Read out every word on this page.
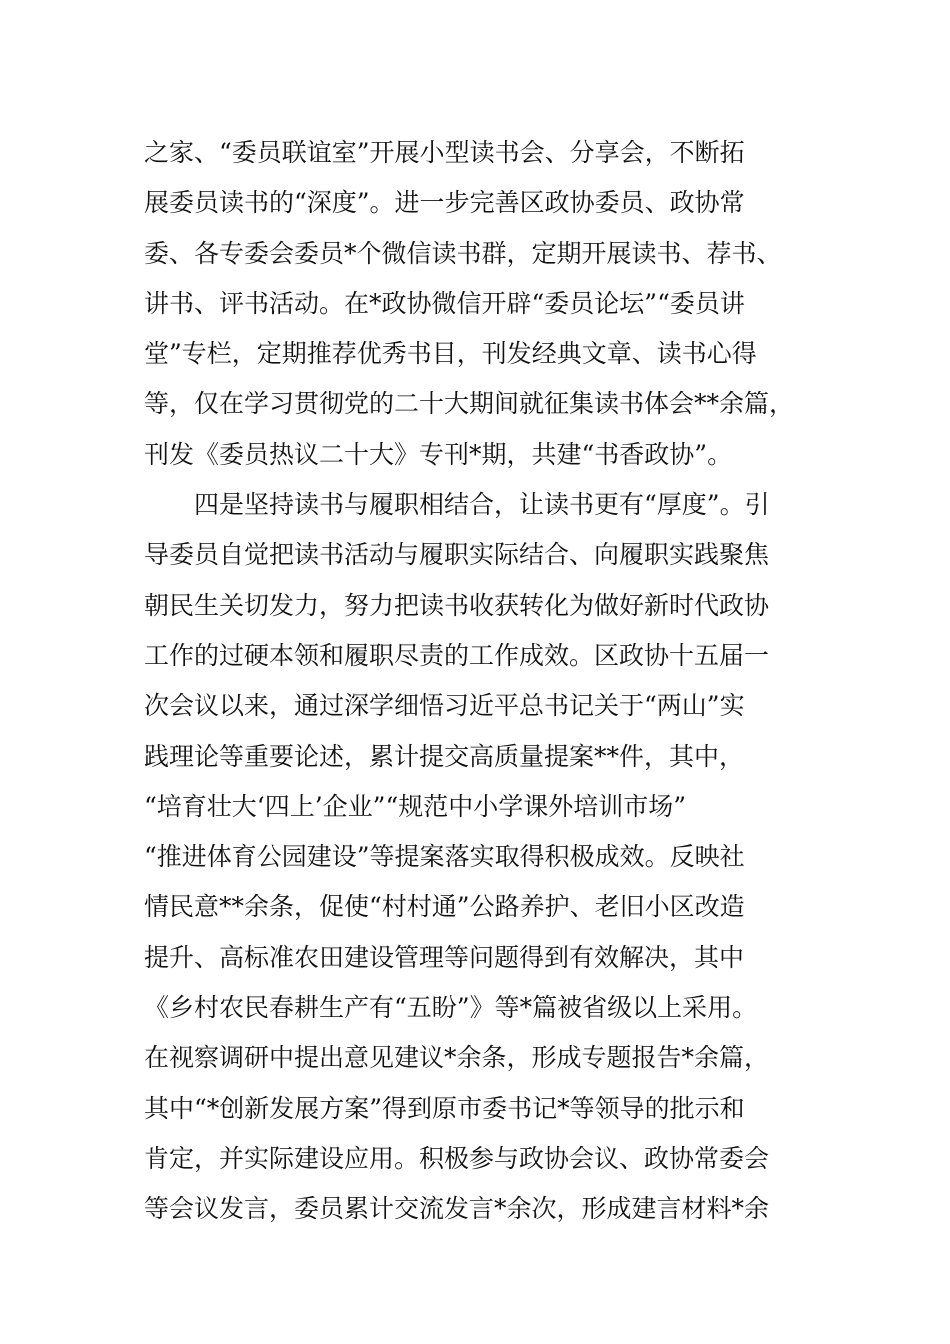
之家、“委员联谊室”开展小型读书会、分享会，不断拓
展委员读书的“深度”。进一步完善区政协委员、政协常
委、各专委会委员*个微信读书群，定期开展读书、荐书、
讲书、评书活动。在*政协微信开辟“委员论坛”“委员讲
堂”专栏，定期推荐优秀书目，刊发经典文章、读书心得
等，仅在学习贯彻党的二十大期间就征集读书体会**余篇，
刊发《委员热议二十大》专刊*期，共建“书香政协”。
四是坚持读书与履职相结合，让读书更有“厚度”。引
导委员自觉把读书活动与履职实际结合、向履职实践聚焦
朝民生关切发力，努力把读书收获转化为做好新时代政协
工作的过硬本领和履职尽责的工作成效。区政协十五届一
次会议以来，通过深学细悟习近平总书记关于“两山”实
践理论等重要论述，累计提交高质量提案**件，其中，
“培育壮大‘四上’企业”“规范中小学课外培训市场”
“推进体育公园建设”等提案落实取得积极成效。反映社
情民意**余条，促使“村村通”公路养护、老旧小区改造
提升、高标准农田建设管理等问题得到有效解决，其中
《乡村农民春耕生产有“五盼”》等*篇被省级以上采用。
在视察调研中提出意见建议*余条，形成专题报告*余篇，
其中“*创新发展方案”得到原市委书记*等领导的批示和
肯定，并实际建设应用。积极参与政协会议、政协常委会
等会议发言，委员累计交流发言*余次，形成建言材料*余
